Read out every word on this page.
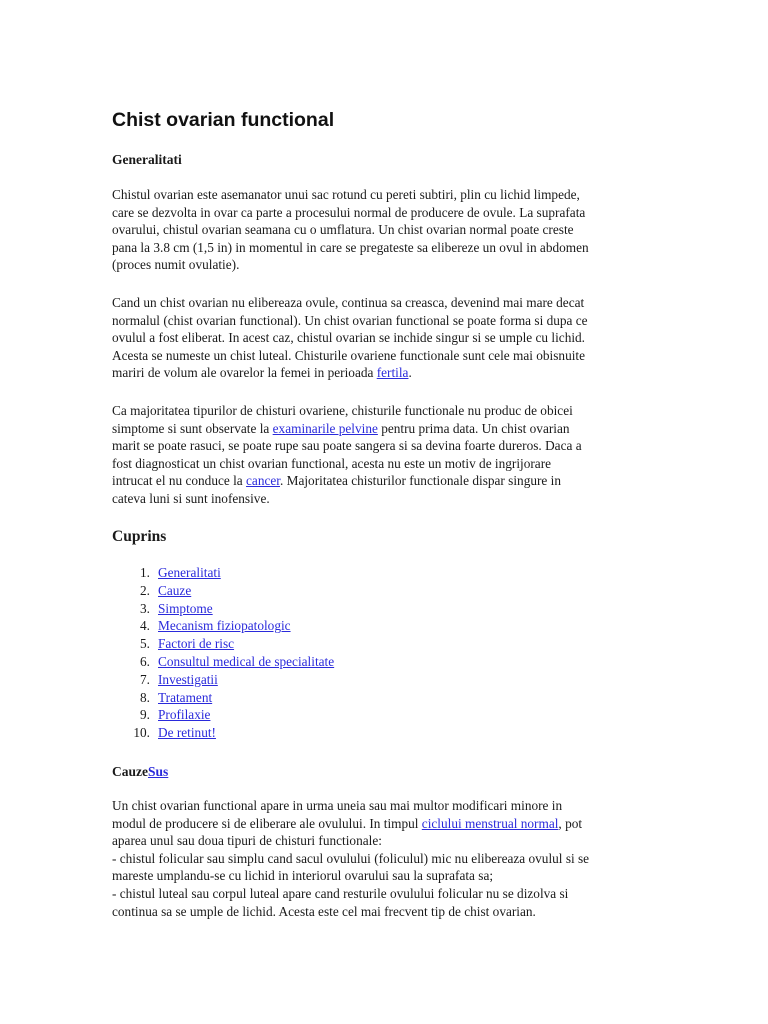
Chist ovarian functional
Generalitati

Chistul ovarian este asemanator unui sac rotund cu pereti subtiri, plin cu lichid limpede,
care se dezvolta in ovar ca parte a procesului normal de producere de ovule. La suprafata
ovarului, chistul ovarian seamana cu o umflatura. Un chist ovarian normal poate creste
pana la 3.8 cm (1,5 in) in momentul in care se pregateste sa elibereze un ovul in abdomen
(proces numit ovulatie).

Cand un chist ovarian nu elibereaza ovule, continua sa creasca, devenind mai mare decat
normalul (chist ovarian functional). Un chist ovarian functional se poate forma si dupa ce
ovulul a fost eliberat. In acest caz, chistul ovarian se inchide singur si se umple cu lichid.
Acesta se numeste un chist luteal. Chisturile ovariene functionale sunt cele mai obisnuite
mariri de volum ale ovarelor la femei in perioada fertila.

Ca majoritatea tipurilor de chisturi ovariene, chisturile functionale nu produc de obicei
simptome si sunt observate la examinarile pelvine pentru prima data. Un chist ovarian
marit se poate rasuci, se poate rupe sau poate sangera si sa devina foarte dureros. Daca a
fost diagnosticat un chist ovarian functional, acesta nu este un motiv de ingrijorare
intrucat el nu conduce la cancer. Majoritatea chisturilor functionale dispar singure in
cateva luni si sunt inofensive.

Cuprins
1. Generalitati
2. Cauze
3. Simptome
4. Mecanism fiziopatologic
5. Factori de risc
6. Consultul medical de specialitate
7. Investigatii
8. Tratament
9. Profilaxie
10. De retinut!
CauzeSus

Un chist ovarian functional apare in urma uneia sau mai multor modificari minore in
modul de producere si de eliberare ale ovulului. In timpul ciclului menstrual normal, pot
aparea unul sau doua tipuri de chisturi functionale:
- chistul folicular sau simplu cand sacul ovulului (foliculul) mic nu elibereaza ovulul si se
mareste umplandu-se cu lichid in interiorul ovarului sau la suprafata sa;
- chistul luteal sau corpul luteal apare cand resturile ovulului folicular nu se dizolva si
continua sa se umple de lichid. Acesta este cel mai frecvent tip de chist ovarian.
